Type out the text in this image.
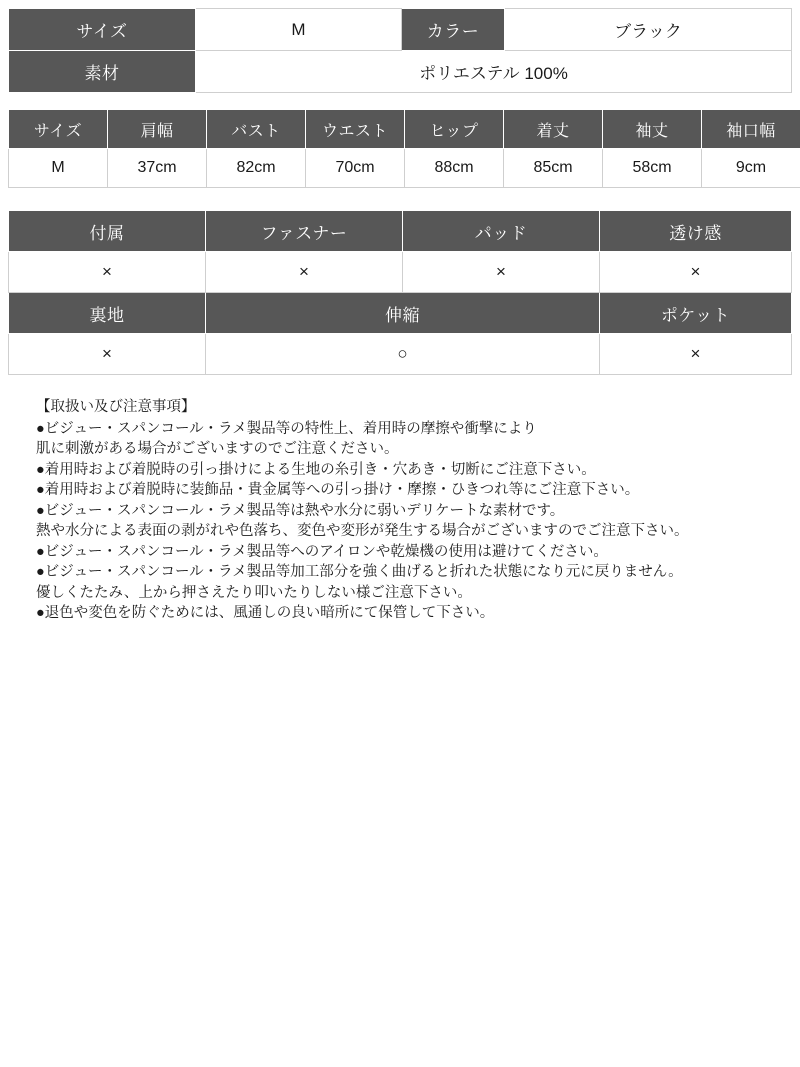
サイズ	M	カラー	ブラック
素材	ポリエステル 100%		
サイズ	肩幅	バスト	ウエスト	ヒップ	着丈	袖丈	袖口幅
M	37cm	82cm	70cm	88cm	85cm	58cm	9cm
付属	ファスナー	パッド	透け感
×	×	×	×
裏地	伸縮		ポケット
×	○		×
【取扱い及び注意事項】
●ビジュー・スパンコール・ラメ製品等の特性上、着用時の摩擦や衝撃により
肌に刺激がある場合がございますのでご注意ください。
●着用時および着脱時の引っ掛けによる生地の糸引き・穴あき・切断にご注意下さい。
●着用時および着脱時に装飾品・貴金属等への引っ掛け・摩擦・ひきつれ等にご注意下さい。
●ビジュー・スパンコール・ラメ製品等は熱や水分に弱いデリケートな素材です。
熱や水分による表面の剥がれや色落ち、変色や変形が発生する場合がございますのでご注意下さい。
●ビジュー・スパンコール・ラメ製品等へのアイロンや乾燥機の使用は避けてください。
●ビジュー・スパンコール・ラメ製品等加工部分を強く曲げると折れた状態になり元に戻りません。
優しくたたみ、上から押さえたり叩いたりしない様ご注意下さい。
●退色や変色を防ぐためには、風通しの良い暗所にて保管して下さい。
